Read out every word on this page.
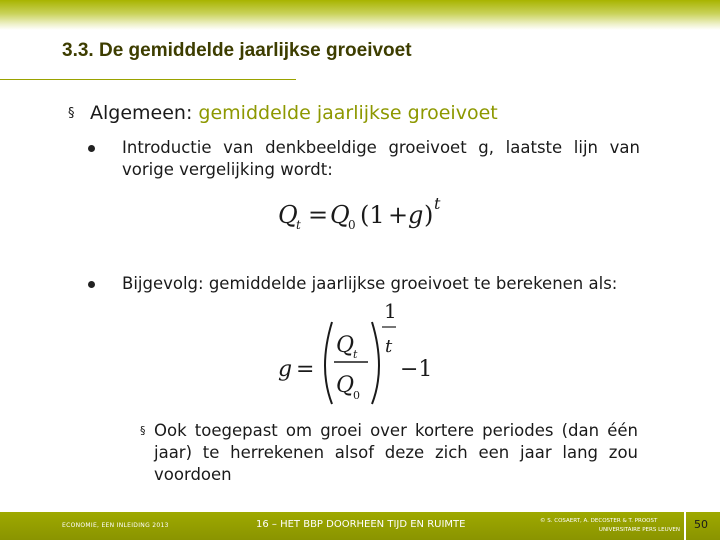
3.3. De gemiddelde jaarlijkse groeivoet
§ Algemeen: gemiddelde jaarlijkse groeivoet
Introductie van denkbeeldige groeivoet g, laatste lijn van vorige vergelijking wordt:
Q
t = Q
0 (1 + g ) t
Bijgevolg: gemiddelde jaarlijkse groeivoet te berekenen als:
g =
Q
t
Q
0
1
t
−1
§ Ook toegepast om groei over kortere periodes (dan één jaar) te herrekenen alsof deze zich een jaar lang zou voordoen
ECONOMIE, EEN INLEIDING 2013	16 – HET BBP DOORHEEN TIJD EN RUIMTE	© S. COSAERT, A. DECOSTER & T. PROOST
UNIVERSITAIRE PERS LEUVEN 50
